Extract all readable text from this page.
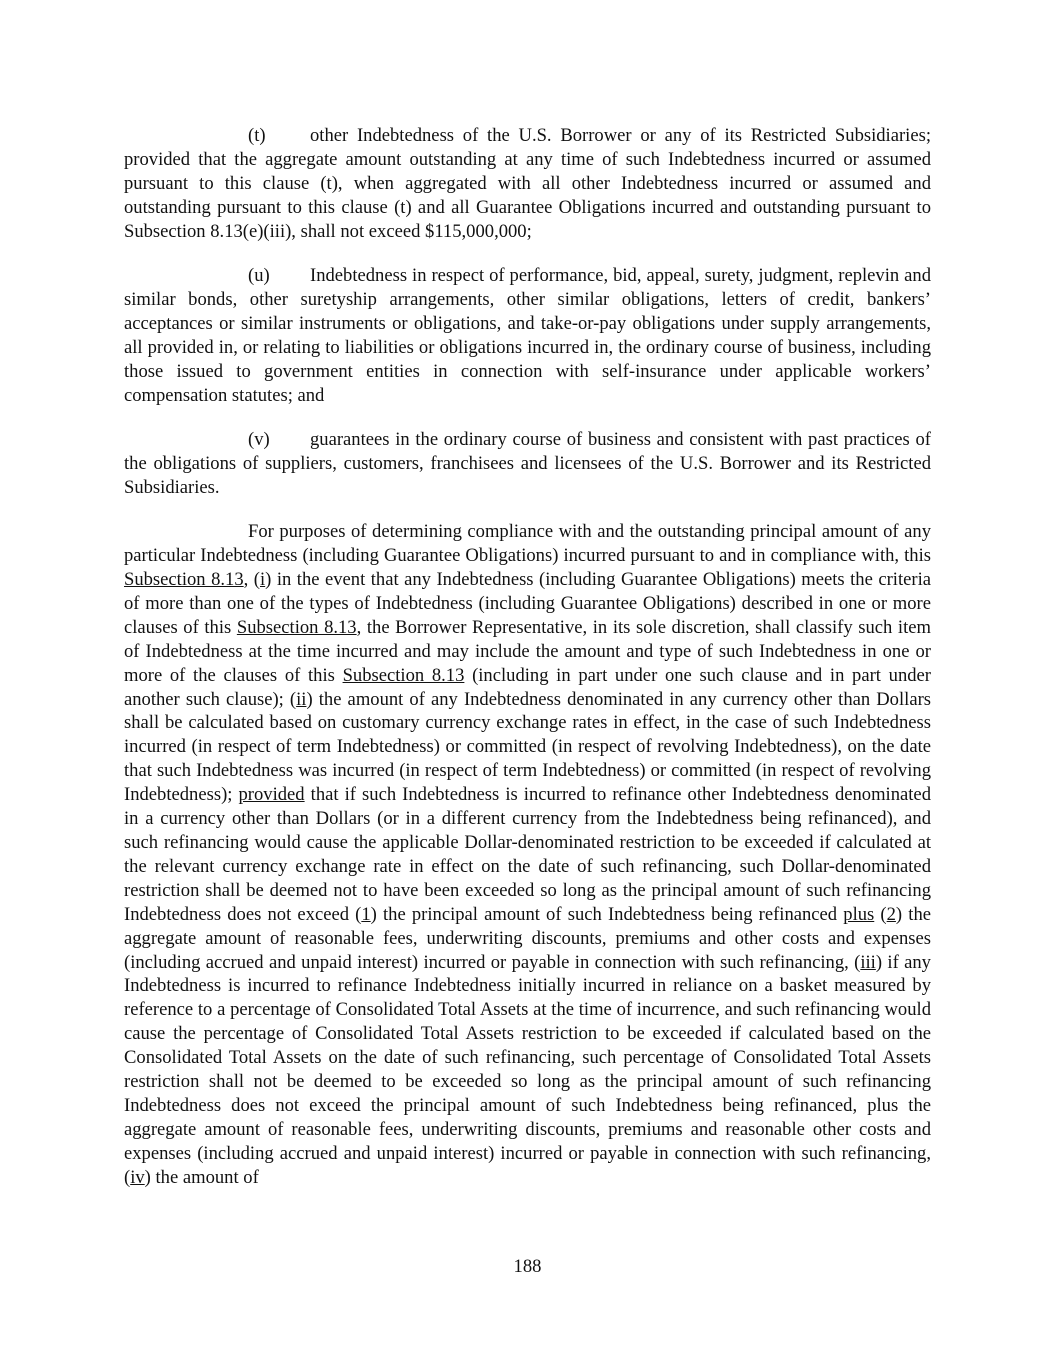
(t) other Indebtedness of the U.S. Borrower or any of its Restricted Subsidiaries; provided that the aggregate amount outstanding at any time of such Indebtedness incurred or assumed pursuant to this clause (t), when aggregated with all other Indebtedness incurred or assumed and outstanding pursuant to this clause (t) and all Guarantee Obligations incurred and outstanding pursuant to Subsection 8.13(e)(iii), shall not exceed $115,000,000;

(u) Indebtedness in respect of performance, bid, appeal, surety, judgment, replevin and similar bonds, other suretyship arrangements, other similar obligations, letters of credit, bankers’ acceptances or similar instruments or obligations, and take-or-pay obligations under supply arrangements, all provided in, or relating to liabilities or obligations incurred in, the ordinary course of business, including those issued to government entities in connection with self-insurance under applicable workers’ compensation statutes; and

(v) guarantees in the ordinary course of business and consistent with past practices of the obligations of suppliers, customers, franchisees and licensees of the U.S. Borrower and its Restricted Subsidiaries.

For purposes of determining compliance with and the outstanding principal amount of any particular Indebtedness (including Guarantee Obligations) incurred pursuant to and in compliance with, this Subsection 8.13, (i) in the event that any Indebtedness (including Guarantee Obligations) meets the criteria of more than one of the types of Indebtedness (including Guarantee Obligations) described in one or more clauses of this Subsection 8.13, the Borrower Representative, in its sole discretion, shall classify such item of Indebtedness at the time incurred and may include the amount and type of such Indebtedness in one or more of the clauses of this Subsection 8.13 (including in part under one such clause and in part under another such clause); (ii) the amount of any Indebtedness denominated in any currency other than Dollars shall be calculated based on customary currency exchange rates in effect, in the case of such Indebtedness incurred (in respect of term Indebtedness) or committed (in respect of revolving Indebtedness), on the date that such Indebtedness was incurred (in respect of term Indebtedness) or committed (in respect of revolving Indebtedness); provided that if such Indebtedness is incurred to refinance other Indebtedness denominated in a currency other than Dollars (or in a different currency from the Indebtedness being refinanced), and such refinancing would cause the applicable Dollar-denominated restriction to be exceeded if calculated at the relevant currency exchange rate in effect on the date of such refinancing, such Dollar-denominated restriction shall be deemed not to have been exceeded so long as the principal amount of such refinancing Indebtedness does not exceed (1) the principal amount of such Indebtedness being refinanced plus (2) the aggregate amount of reasonable fees, underwriting discounts, premiums and other costs and expenses (including accrued and unpaid interest) incurred or payable in connection with such refinancing, (iii) if any Indebtedness is incurred to refinance Indebtedness initially incurred in reliance on a basket measured by reference to a percentage of Consolidated Total Assets at the time of incurrence, and such refinancing would cause the percentage of Consolidated Total Assets restriction to be exceeded if calculated based on the Consolidated Total Assets on the date of such refinancing, such percentage of Consolidated Total Assets restriction shall not be deemed to be exceeded so long as the principal amount of such refinancing Indebtedness does not exceed the principal amount of such Indebtedness being refinanced, plus the aggregate amount of reasonable fees, underwriting discounts, premiums and reasonable other costs and expenses (including accrued and unpaid interest) incurred or payable in connection with such refinancing, (iv) the amount of

188
